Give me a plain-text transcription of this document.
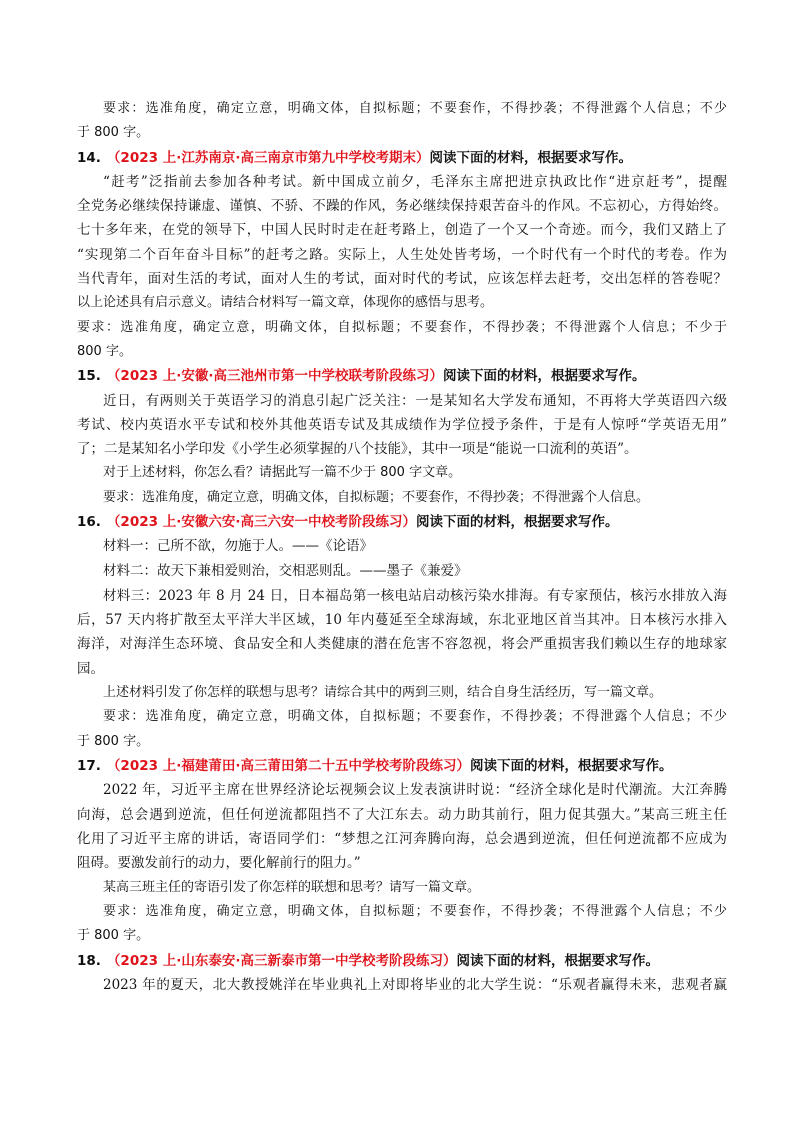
要求：选准角度，确定立意，明确文体，自拟标题；不要套作，不得抄袭；不得泄露个人信息；不少
于 800 字。
14. （2023 上·江苏南京·高三南京市第九中学校考期末）阅读下面的材料，根据要求写作。
“赶考”泛指前去参加各种考试。新中国成立前夕，毛泽东主席把进京执政比作“进京赶考”，提醒
全党务必继续保持谦虚、谨慎、不骄、不躁的作风，务必继续保持艰苦奋斗的作风。不忘初心，方得始终。
七十多年来，在党的领导下，中国人民时时走在赶考路上，创造了一个又一个奇迹。而今，我们又踏上了
“实现第二个百年奋斗目标”的赶考之路。实际上，人生处处皆考场，一个时代有一个时代的考卷。作为
当代青年，面对生活的考试，面对人生的考试，面对时代的考试，应该怎样去赶考，交出怎样的答卷呢？
以上论述具有启示意义。请结合材料写一篇文章，体现你的感悟与思考。
要求：选准角度，确定立意，明确文体，自拟标题；不要套作，不得抄袭；不得泄露个人信息；不少于
800 字。
15. （2023 上·安徽·高三池州市第一中学校联考阶段练习）阅读下面的材料，根据要求写作。
近日，有两则关于英语学习的消息引起广泛关注：一是某知名大学发布通知，不再将大学英语四六级
考试、校内英语水平专试和校外其他英语专试及其成绩作为学位授予条件，于是有人惊呼“学英语无用”
了；二是某知名小学印发《小学生必须掌握的八个技能》，其中一项是“能说一口流利的英语”。
对于上述材料，你怎么看？请据此写一篇不少于 800 字文章。
要求：选准角度，确定立意，明确文体，自拟标题；不要套作，不得抄袭；不得泄露个人信息。
16. （2023 上·安徽六安·高三六安一中校考阶段练习）阅读下面的材料，根据要求写作。
材料一：己所不欲，勿施于人。——《论语》
材料二：故天下兼相爱则治，交相恶则乱。——墨子《兼爱》
材料三：2023 年 8 月 24 日，日本福岛第一核电站启动核污染水排海。有专家预估，核污水排放入海
后，57 天内将扩散至太平洋大半区域，10 年内蔓延至全球海域，东北亚地区首当其冲。日本核污水排入
海洋，对海洋生态环境、食品安全和人类健康的潜在危害不容忽视，将会严重损害我们赖以生存的地球家
园。
上述材料引发了你怎样的联想与思考？请综合其中的两到三则，结合自身生活经历，写一篇文章。
要求：选准角度，确定立意，明确文体，自拟标题；不要套作，不得抄袭；不得泄露个人信息；不少
于 800 字。
17. （2023 上·福建莆田·高三莆田第二十五中学校考阶段练习）阅读下面的材料，根据要求写作。
2022 年，习近平主席在世界经济论坛视频会议上发表演讲时说：“经济全球化是时代潮流。大江奔腾
向海，总会遇到逆流，但任何逆流都阻挡不了大江东去。动力助其前行，阻力促其强大。”某高三班主任
化用了习近平主席的讲话，寄语同学们：“梦想之江河奔腾向海，总会遇到逆流，但任何逆流都不应成为
阻碍。要激发前行的动力，要化解前行的阻力。”
某高三班主任的寄语引发了你怎样的联想和思考？请写一篇文章。
要求：选准角度，确定立意，明确文体，自拟标题；不要套作，不得抄袭；不得泄露个人信息；不少
于 800 字。
18. （2023 上·山东泰安·高三新泰市第一中学校考阶段练习）阅读下面的材料，根据要求写作。
2023 年的夏天，北大教授姚洋在毕业典礼上对即将毕业的北大学生说：“乐观者赢得未来，悲观者赢
